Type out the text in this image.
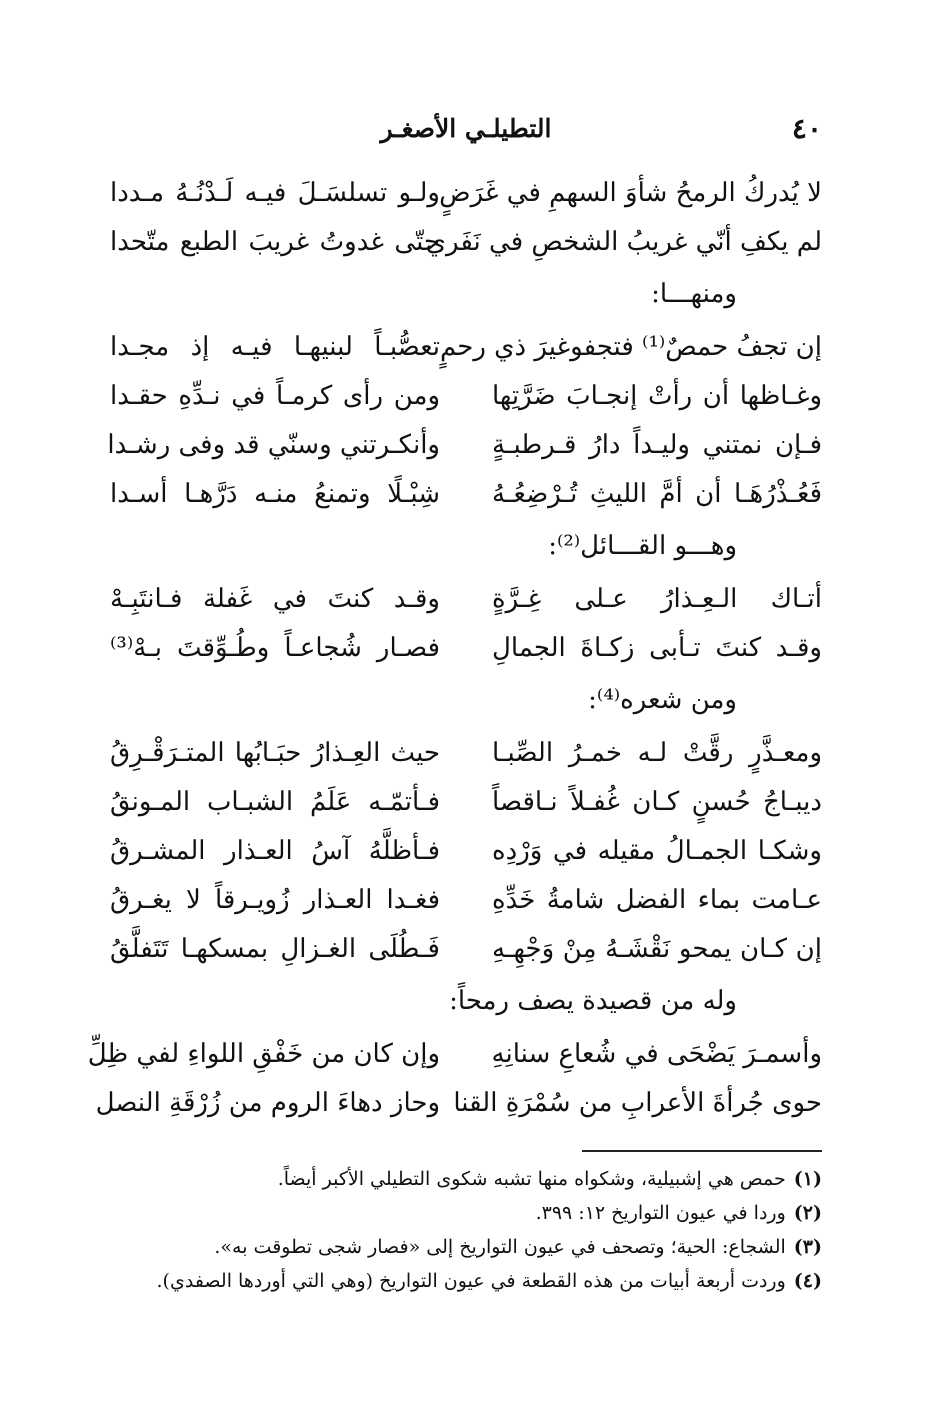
٤٠
التطيلـي الأصغـر
لا يُدركُ الرمحُ شأوَ السهمِ في غَرَضٍ
ولـو تسلسَـلَ فيـه لَـدْنُـهُ مـددا
لم يكفِ أنّي غريبُ الشخصِ في نَفَري
حتّى غدوتُ غريبَ الطبع متّحدا
ومنهـــا:
إن تجفُ حمصٌ⁽¹⁾ فتجفوغيرَ ذي رحمٍ
تعصُّبـاً لبنيهـا فيـه إذ مجـدا
وغـاظها أن رأتْ إنجـابَ ضَرَّتِها
ومن رأى كرمـاً في نـدِّهِ حقـدا
فـإن نمتني وليـداً دارُ قـرطبـةٍ
وأنكـرتني وسنّي قد وفى رشـدا
فَعُـذْرُهَـا أن أمَّ الليثِ تُـرْضِعُـهُ
شِبْـلًا وتمنعُ منـه دَرَّهـا أسـدا
وهـــو القـــائل⁽²⁾:
أتـاك الـعِـذارُ عـلى غِـرَّةٍ
وقـد كنتَ في غَفلة فـانتَبِـهْ
وقـد كنتَ تـأبى زكـاةَ الجمالِ
فصـار شُجاعـاً وطُـوِّقتَ بـهْ⁽³⁾
ومن شعره⁽⁴⁾:
ومعـذَّرٍ رقَّتْ لـه خمـرُ الصِّبـا
حيث العِـذارُ حبَـابُها المتـرَقْـرِقُ
ديبـاجُ حُسنٍ كـان غُفـلاً نـاقصاً
فـأتمّـه عَلَمُ الشبـاب المـونقُ
وشكـا الجمـالُ مقيله في وَرْدِه
فـأظلَّهُ آسُ العـذار المشـرقُ
عـامت بماء الفضل شامةُ خَدِّهِ
فغـدا العـذار زُويـرقاً لا يغـرقُ
إن كـان يمحو نَقْشَـهُ مِنْ وَجْهِـهِ
فَـطُلَى الغـزالِ بمسكهـا تَتَفلَّقُ
وله من قصيدة يصف رمحاً:
وأسمـرَ يَضْحَى في شُعاعِ سنانِهِ
وإن كان من خَفْقِ اللواءِ لفي ظِلِّ
حوى جُرأةَ الأعرابِ من سُمْرَةِ القنا
وحاز دهاءَ الروم من زُرْقَةِ النصل
(١)حمص هي إشبيلية، وشكواه منها تشبه شكوى التطيلي الأكبر أيضاً.
(٢)وردا في عيون التواريخ ١٢: ٣٩٩.
(٣)الشجاع: الحية؛ وتصحف في عيون التواريخ إلى «فصار شجى تطوقت به».
(٤)وردت أربعة أبيات من هذه القطعة في عيون التواريخ (وهي التي أوردها الصفدي).
